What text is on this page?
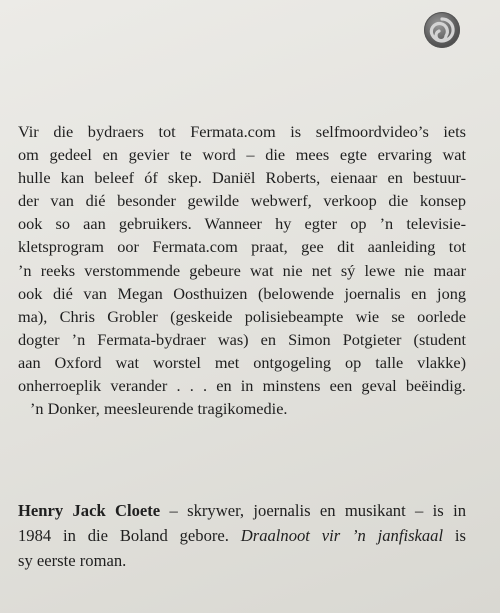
Vir die bydraers tot Fermata.com is selfmoordvideo’s iets
om gedeel en gevier te word – die mees egte ervaring wat
hulle kan beleef óf skep. Daniël Roberts, eienaar en bestuur-
der van dié besonder gewilde webwerf, verkoop die konsep
ook so aan gebruikers. Wanneer hy egter op ’n televisie-
kletsprogram oor Fermata.com praat, gee dit aanleiding tot
’n reeks verstommende gebeure wat nie net sý lewe nie maar
ook dié van Megan Oosthuizen (belowende joernalis en jong
ma), Chris Grobler (geskeide polisiebeampte wie se oorlede
dogter ’n Fermata-bydraer was) en Simon Potgieter (student
aan Oxford wat worstel met ontgogeling op talle vlakke)
onherroeplik verander . . . en in minstens een geval beëindig.
’n Donker, meesleurende tragikomedie.
Henry Jack Cloete – skrywer, joernalis en musikant – is in
1984 in die Boland gebore. Draalnoot vir ’n janfiskaal is
sy eerste roman.
